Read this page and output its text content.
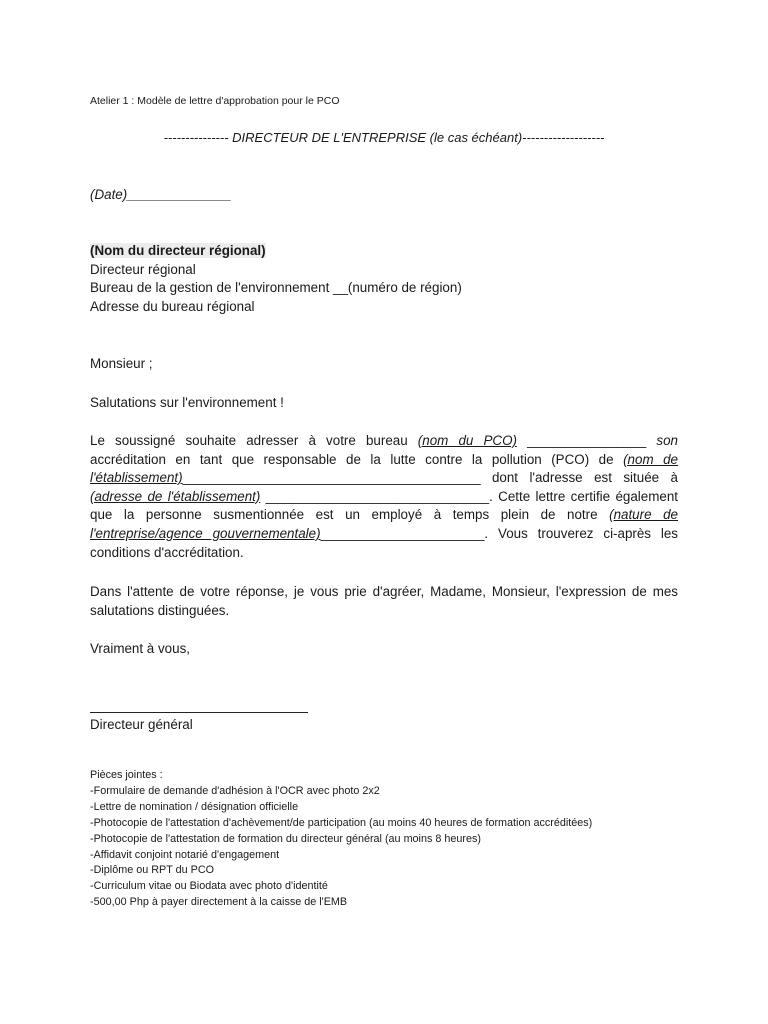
Atelier 1 : Modèle de lettre d'approbation pour le PCO
--------------- DIRECTEUR DE L'ENTREPRISE (le cas échéant)-------------------
(Date)______________
(Nom du directeur régional)
Directeur régional
Bureau de la gestion de l'environnement __(numéro de région)
Adresse du bureau régional
Monsieur ;
Salutations sur l'environnement !
Le soussigné souhaite adresser à votre bureau (nom du PCO) ________________ son accréditation en tant que responsable de la lutte contre la pollution (PCO) de (nom de l'établissement)________________________________________ dont l'adresse est située à (adresse de l'établissement) ______________________________. Cette lettre certifie également que la personne susmentionnée est un employé à temps plein de notre (nature de l'entreprise/agence gouvernementale)______________________. Vous trouverez ci-après les conditions d'accréditation.
Dans l'attente de votre réponse, je vous prie d'agréer, Madame, Monsieur, l'expression de mes salutations distinguées.
Vraiment à vous,
Directeur général
Pièces jointes :
-Formulaire de demande d'adhésion à l'OCR avec photo 2x2
-Lettre de nomination / désignation officielle
-Photocopie de l'attestation d'achèvement/de participation (au moins 40 heures de formation accréditées)
-Photocopie de l'attestation de formation du directeur général (au moins 8 heures)
-Affidavit conjoint notarié d'engagement
-Diplôme ou RPT du PCO
-Curriculum vitae ou Biodata avec photo d'identité
-500,00 Php à payer directement à la caisse de l'EMB
